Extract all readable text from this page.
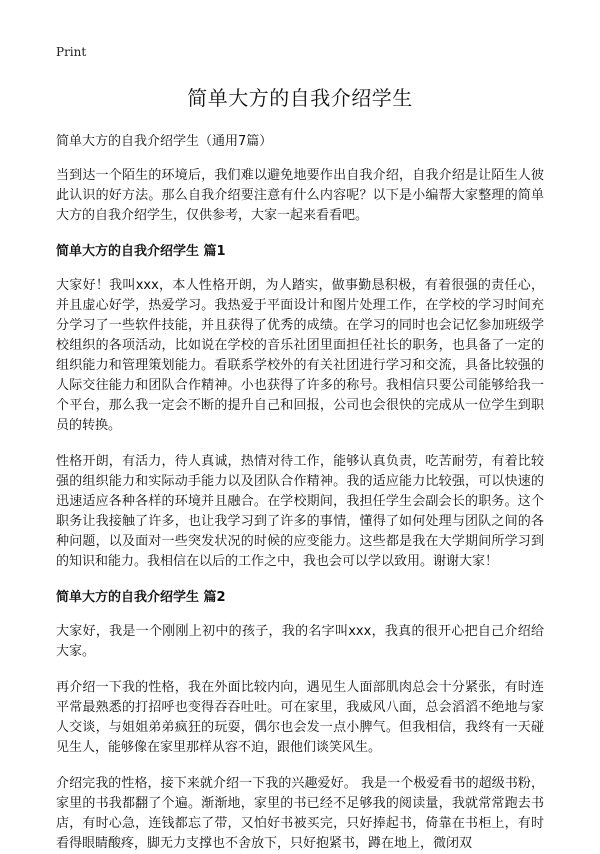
Print
简单大方的自我介绍学生

简单大方的自我介绍学生（通用7篇）

当到达一个陌生的环境后，我们难以避免地要作出自我介绍，自我介绍是让陌生人彼此认识的好方法。那么自我介绍要注意有什么内容呢？以下是小编帮大家整理的简单大方的自我介绍学生，仅供参考，大家一起来看看吧。

简单大方的自我介绍学生 篇1

大家好！我叫xxx，本人性格开朗，为人踏实，做事勤恳积极，有着很强的责任心，并且虚心好学，热爱学习。我热爱于平面设计和图片处理工作，在学校的学习时间充分学习了一些软件技能，并且获得了优秀的成绩。在学习的同时也会记忆参加班级学校组织的各项活动，比如说在学校的音乐社团里面担任社长的职务，也具备了一定的组织能力和管理策划能力。看联系学校外的有关社团进行学习和交流，具备比较强的人际交往能力和团队合作精神。小也获得了许多的称号。我相信只要公司能够给我一个平台，那么我一定会不断的提升自己和回报，公司也会很快的完成从一位学生到职员的转换。

性格开朗，有活力，待人真诚，热情对待工作，能够认真负责，吃苦耐劳，有着比较强的组织能力和实际动手能力以及团队合作精神。我的适应能力比较强，可以快速的迅速适应各种各样的环境并且融合。在学校期间，我担任学生会副会长的职务。这个职务让我接触了许多，也让我学习到了许多的事情，懂得了如何处理与团队之间的各种问题，以及面对一些突发状况的时候的应变能力。这些都是我在大学期间所学习到的知识和能力。我相信在以后的工作之中，我也会可以学以致用。谢谢大家！

简单大方的自我介绍学生 篇2

大家好，我是一个刚刚上初中的孩子，我的名字叫xxx，我真的很开心把自己介绍给大家。

再介绍一下我的性格，我在外面比较内向，遇见生人面部肌肉总会十分紧张，有时连平常最熟悉的打招呼也变得吞吞吐吐。可在家里，我威风八面，总会滔滔不绝地与家人交谈，与姐姐弟弟疯狂的玩耍，偶尔也会发一点小脾气。但我相信，我终有一天碰见生人，能够像在家里那样从容不迫，跟他们谈笑风生。

介绍完我的性格，接下来就介绍一下我的兴趣爱好。 我是一个极爱看书的超级书粉，家里的书我都翻了个遍。渐渐地，家里的书已经不足够我的阅读量，我就常常跑去书店，有时心急，连钱都忘了带，又怕好书被买完，只好捧起书，倚靠在书柜上，有时看得眼睛酸疼，脚无力支撑也不舍放下，只好抱紧书，蹲在地上，微闭双
